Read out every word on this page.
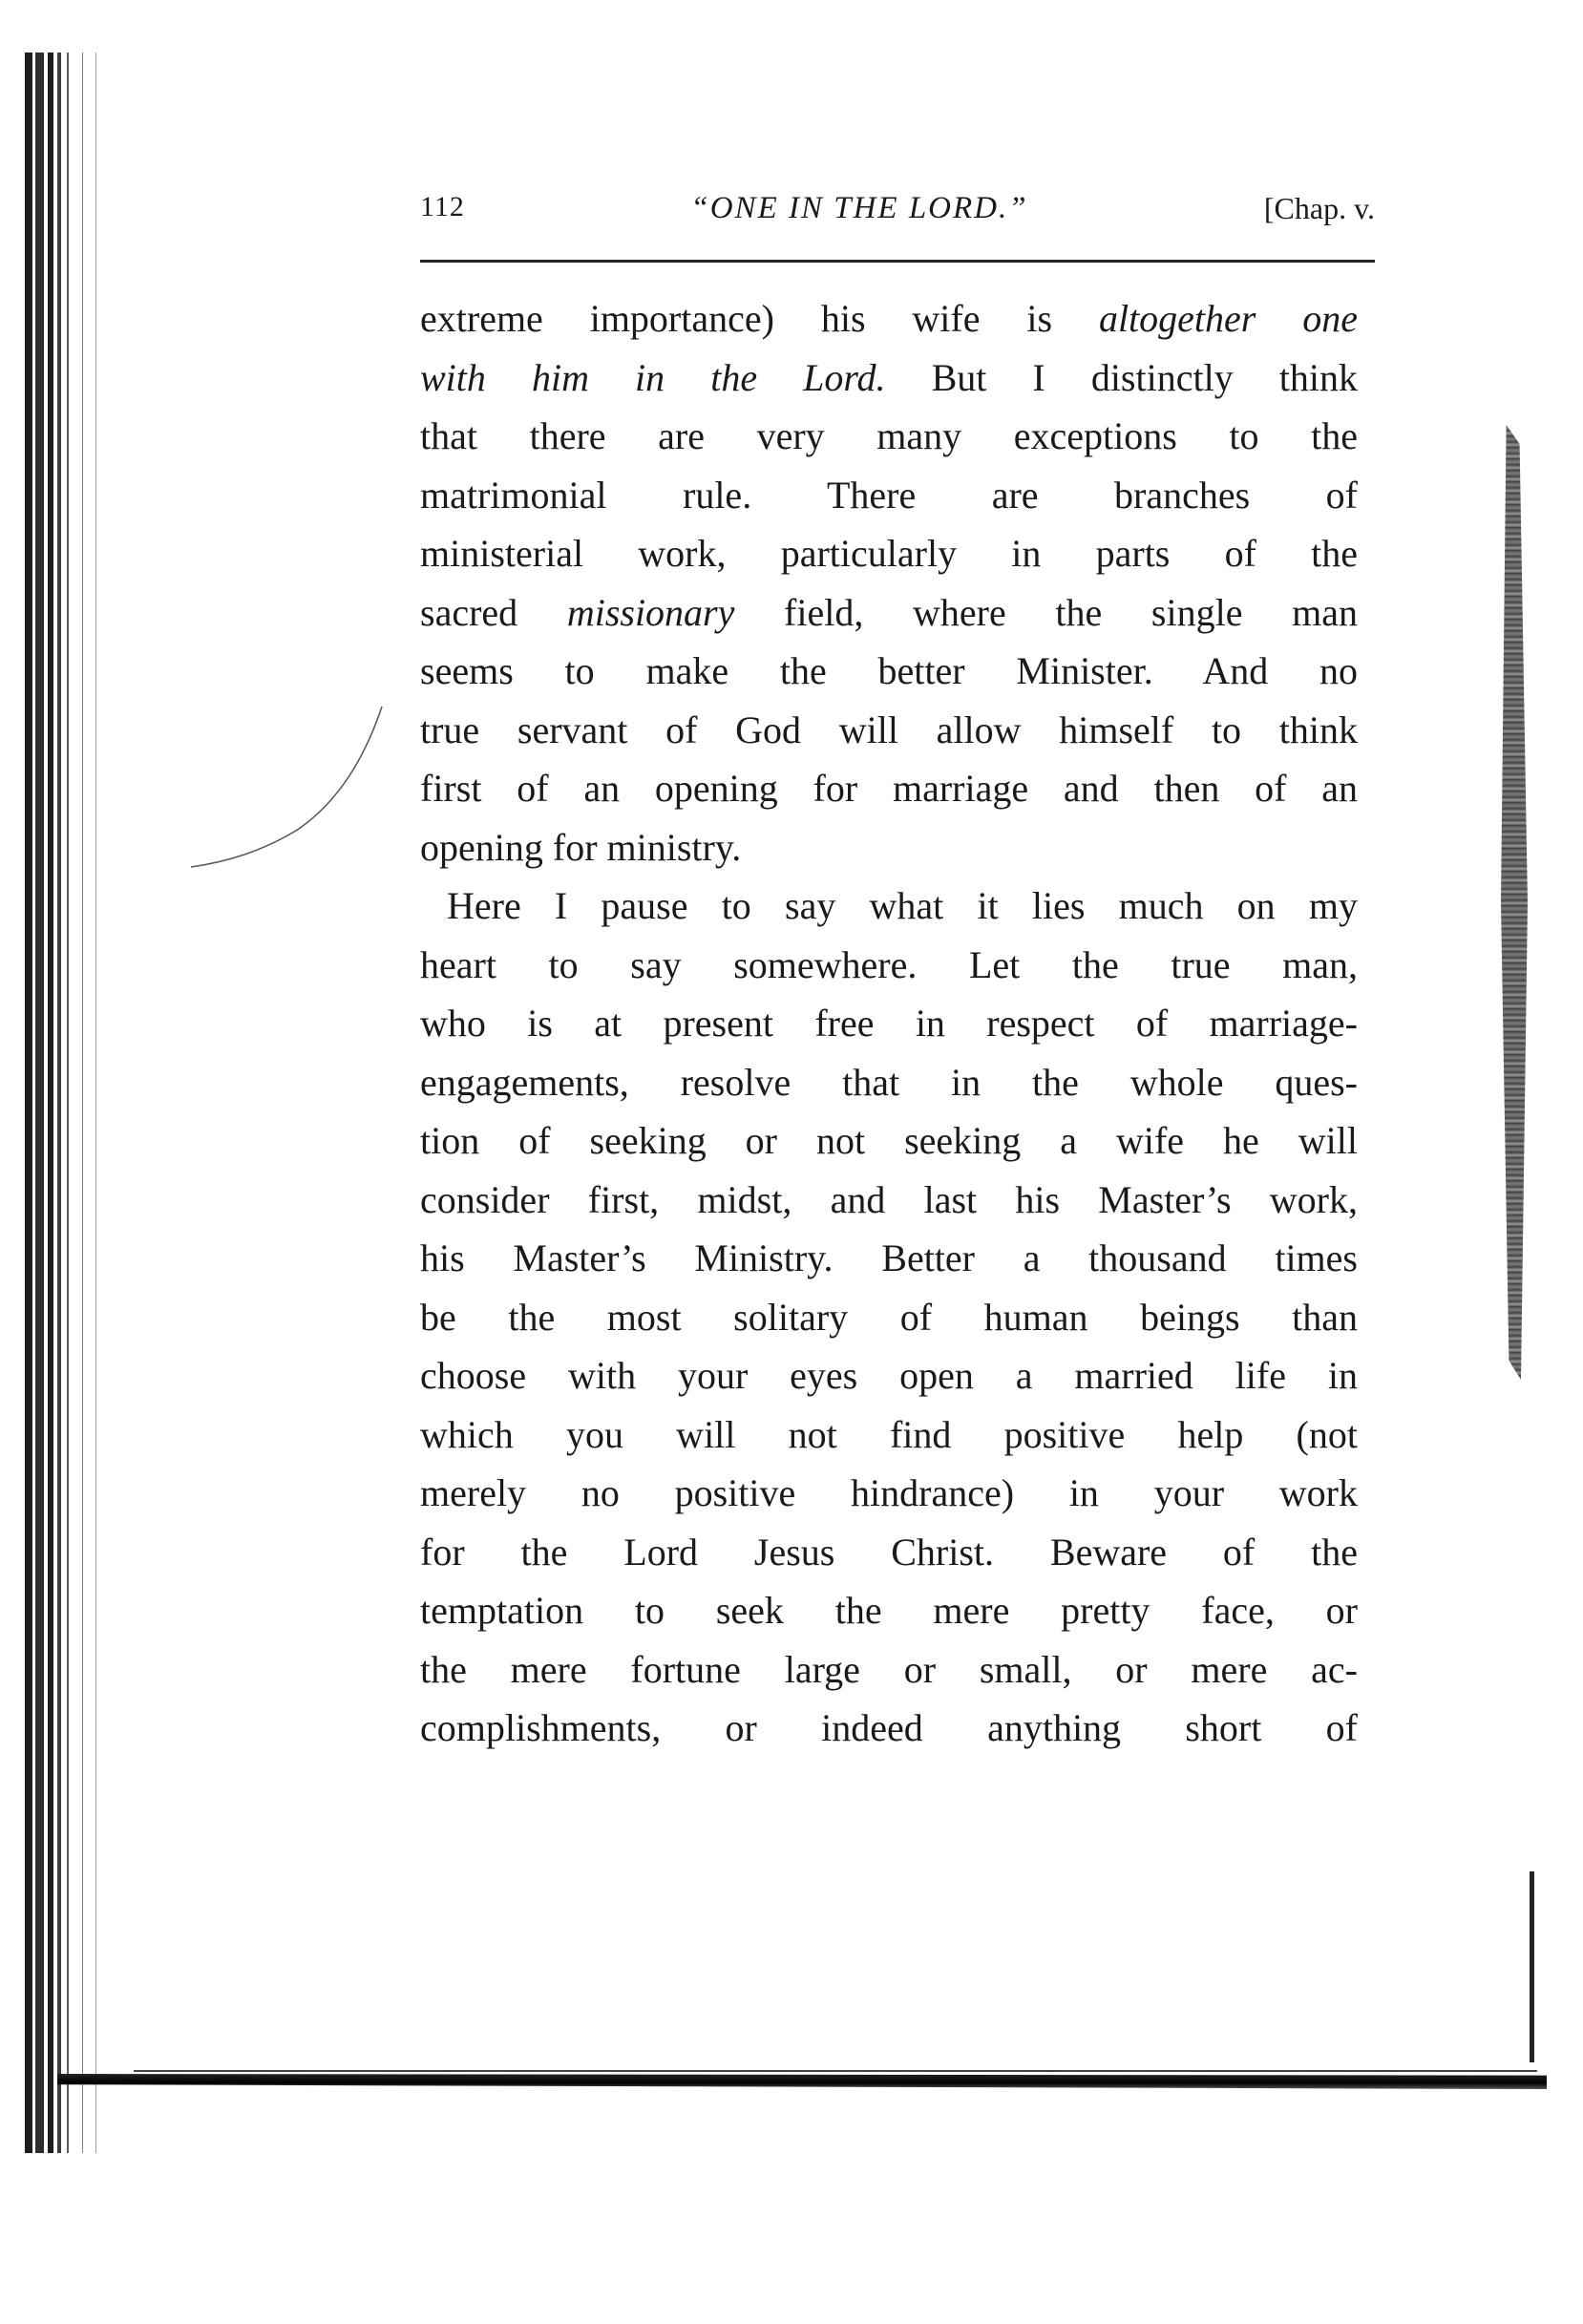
112	“ONE IN THE LORD.”	[Chap. v.
extreme importance) his wife is altogether one
with him in the Lord. But I distinctly think
that there are very many exceptions to the
matrimonial rule. There are branches of
ministerial work, particularly in parts of the
sacred missionary field, where the single man
seems to make the better Minister. And no
true servant of God will allow himself to think
first of an opening for marriage and then of an
opening for ministry.
Here I pause to say what it lies much on my
heart to say somewhere. Let the true man,
who is at present free in respect of marriage-
engagements, resolve that in the whole ques-
tion of seeking or not seeking a wife he will
consider first, midst, and last his Master’s work,
his Master’s Ministry. Better a thousand times
be the most solitary of human beings than
choose with your eyes open a married life in
which you will not find positive help (not
merely no positive hindrance) in your work
for the Lord Jesus Christ. Beware of the
temptation to seek the mere pretty face, or
the mere fortune large or small, or mere ac-
complishments, or indeed anything short of
